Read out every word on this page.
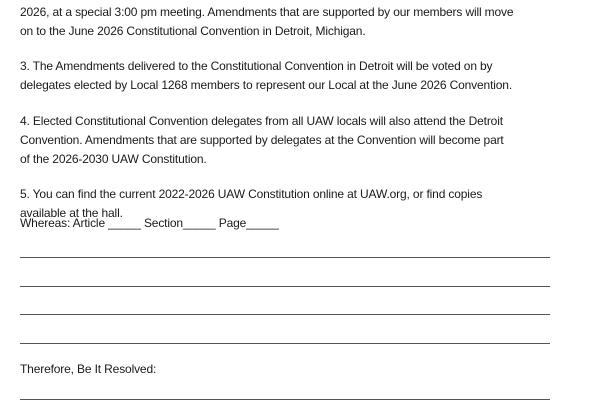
2026, at a special 3:00 pm meeting. Amendments that are supported by our members will move
on to the June 2026 Constitutional Convention in Detroit, Michigan.
3. The Amendments delivered to the Constitutional Convention in Detroit will be voted on by
delegates elected by Local 1268 members to represent our Local at the June 2026 Convention.
4. Elected Constitutional Convention delegates from all UAW locals will also attend the Detroit
Convention. Amendments that are supported by delegates at the Convention will become part
of the 2026-2030 UAW Constitution.
5. You can find the current 2022-2026 UAW Constitution online at UAW.org, or find copies
available at the hall.
Whereas: Article _____ Section_____ Page_____
Therefore, Be It Resolved:
